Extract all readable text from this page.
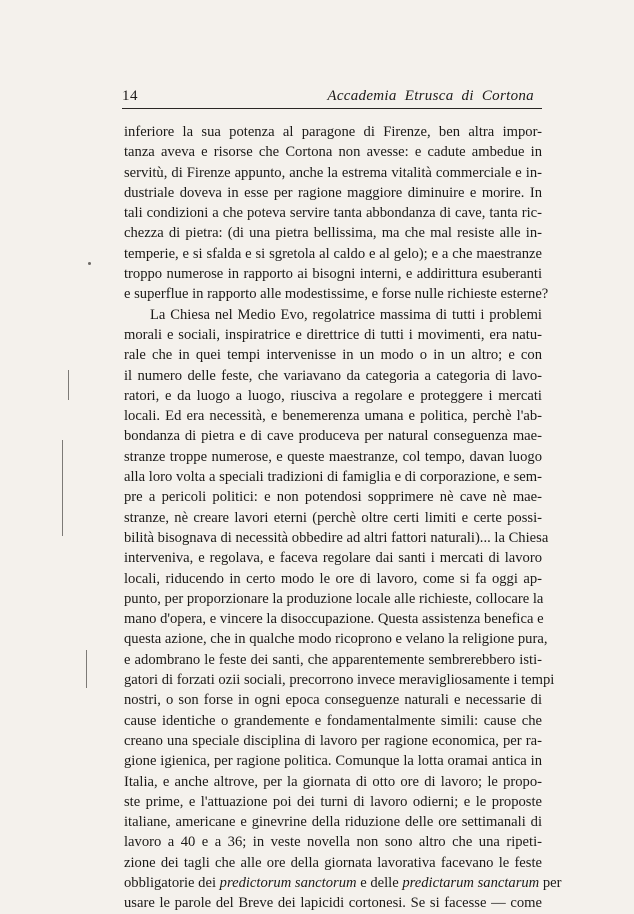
14	Accademia Etrusca di Cortona
inferiore la sua potenza al paragone di Firenze, ben altra impor-
tanza aveva e risorse che Cortona non avesse: e cadute ambedue in
servitù, di Firenze appunto, anche la estrema vitalità commerciale e in-
dustriale doveva in esse per ragione maggiore diminuire e morire. In
tali condizioni a che poteva servire tanta abbondanza di cave, tanta ric-
chezza di pietra: (di una pietra bellissima, ma che mal resiste alle in-
temperie, e si sfalda e si sgretola al caldo e al gelo); e a che maestranze
troppo numerose in rapporto ai bisogni interni, e addirittura esuberanti
e superflue in rapporto alle modestissime, e forse nulle richieste esterne?
La Chiesa nel Medio Evo, regolatrice massima di tutti i problemi
morali e sociali, inspiratrice e direttrice di tutti i movimenti, era natu-
rale che in quei tempi intervenisse in un modo o in un altro; e con
il numero delle feste, che variavano da categoria a categoria di lavo-
ratori, e da luogo a luogo, riusciva a regolare e proteggere i mercati
locali. Ed era necessità, e benemerenza umana e politica, perchè l'ab-
bondanza di pietra e di cave produceva per natural conseguenza mae-
stranze troppe numerose, e queste maestranze, col tempo, davan luogo
alla loro volta a speciali tradizioni di famiglia e di corporazione, e sem-
pre a pericoli politici: e non potendosi sopprimere nè cave nè mae-
stranze, nè creare lavori eterni (perchè oltre certi limiti e certe possi-
bilità bisognava di necessità obbedire ad altri fattori naturali)... la Chiesa
interveniva, e regolava, e faceva regolare dai santi i mercati di lavoro
locali, riducendo in certo modo le ore di lavoro, come si fa oggi ap-
punto, per proporzionare la produzione locale alle richieste, collocare la
mano d'opera, e vincere la disoccupazione. Questa assistenza benefica e
questa azione, che in qualche modo ricoprono e velano la religione pura,
e adombrano le feste dei santi, che apparentemente sembrerebbero isti-
gatori di forzati ozii sociali, precorrono invece meravigliosamente i tempi
nostri, o son forse in ogni epoca conseguenze naturali e necessarie di
cause identiche o grandemente e fondamentalmente simili: cause che
creano una speciale disciplina di lavoro per ragione economica, per ra-
gione igienica, per ragione politica. Comunque la lotta oramai antica in
Italia, e anche altrove, per la giornata di otto ore di lavoro; le propo-
ste prime, e l'attuazione poi dei turni di lavoro odierni; e le proposte
italiane, americane e ginevrine della riduzione delle ore settimanali di
lavoro a 40 e a 36; in veste novella non sono altro che una ripeti-
zione dei tagli che alle ore della giornata lavorativa facevano le feste
obbligatorie dei predictorum sanctorum e delle predictarum sanctarum per
usare le parole del Breve dei lapicidi cortonesi. Se si facesse — come
